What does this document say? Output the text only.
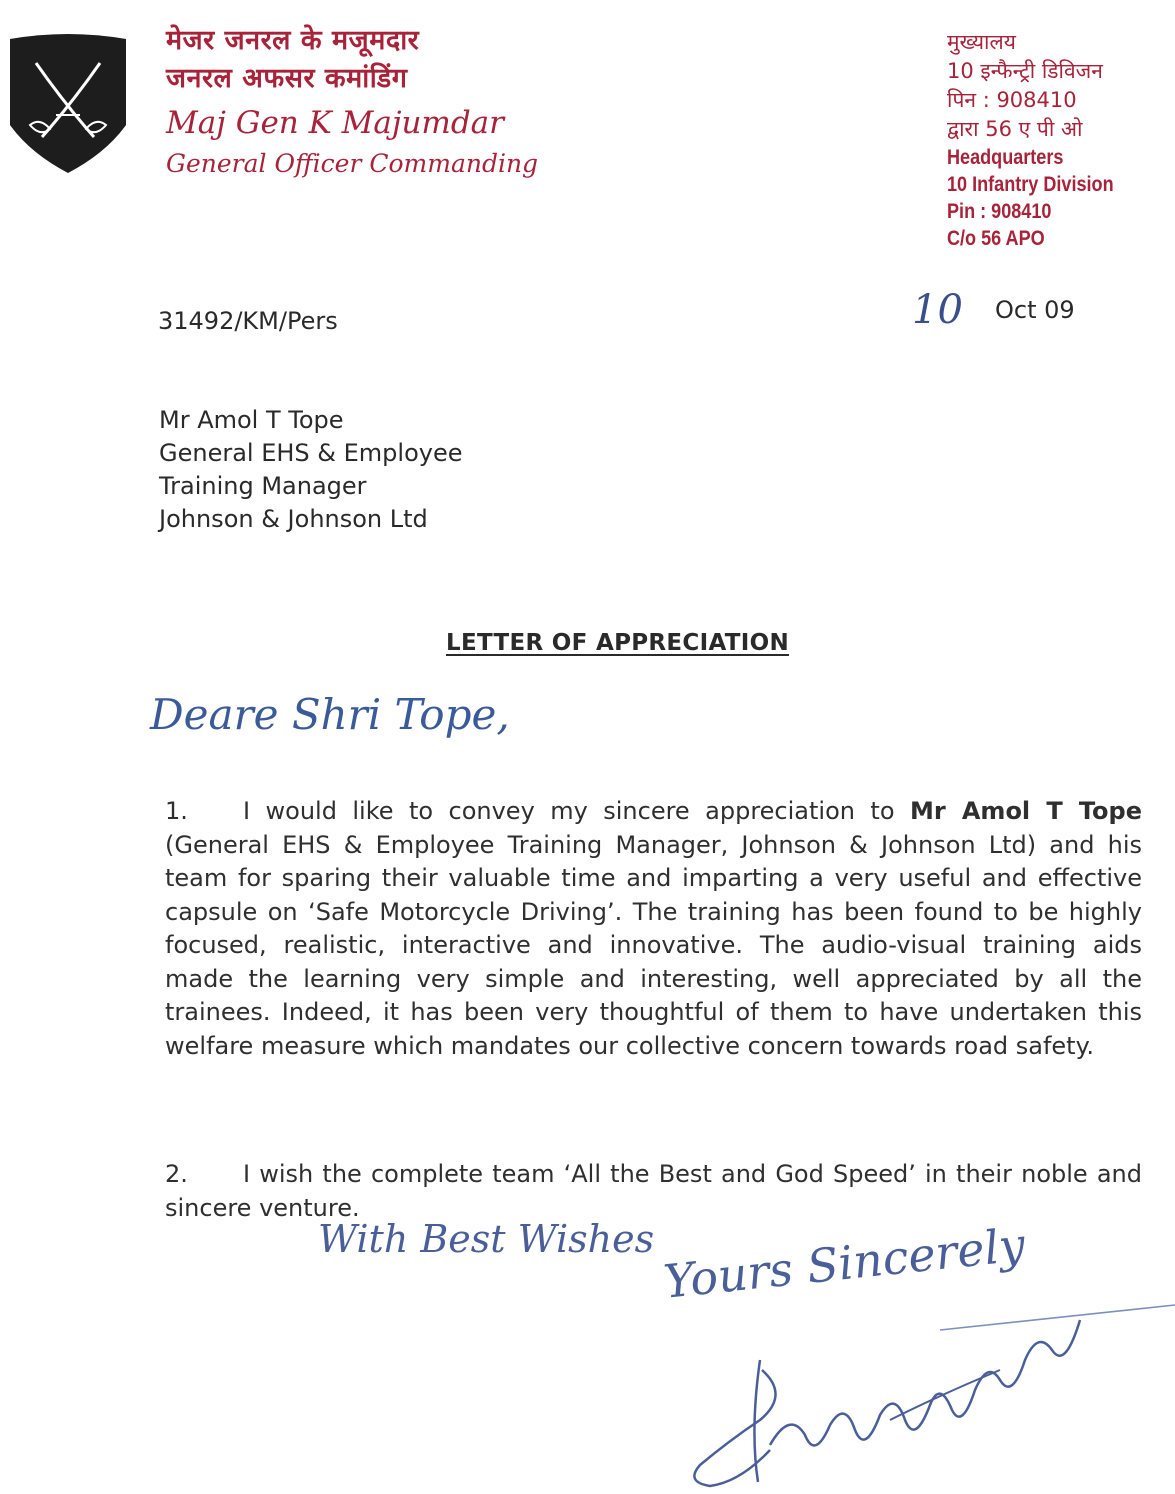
मेजर जनरल के मजूमदार
जनरल अफसर कमांडिंग
Maj Gen K Majumdar
General Officer Commanding
मुख्यालय
10 इन्फैन्ट्री डिविजन
पिन : 908410
द्वारा 56 ए पी ओ
Headquarters
10 Infantry Division
Pin : 908410
C/o 56 APO
31492/KM/Pers	10 Oct 09
Mr Amol T Tope
General EHS & Employee
Training Manager
Johnson & Johnson Ltd
LETTER OF APPRECIATION
Deare Shri Tope,
1. I would like to convey my sincere appreciation to Mr Amol T Tope (General EHS & Employee Training Manager, Johnson & Johnson Ltd) and his team for sparing their valuable time and imparting a very useful and effective capsule on ‘Safe Motorcycle Driving’. The training has been found to be highly focused, realistic, interactive and innovative. The audio-visual training aids made the learning very simple and interesting, well appreciated by all the trainees. Indeed, it has been very thoughtful of them to have undertaken this welfare measure which mandates our collective concern towards road safety.
2. I wish the complete team ‘All the Best and God Speed’ in their noble and sincere venture.
With Best Wishes Yours Sincerely
